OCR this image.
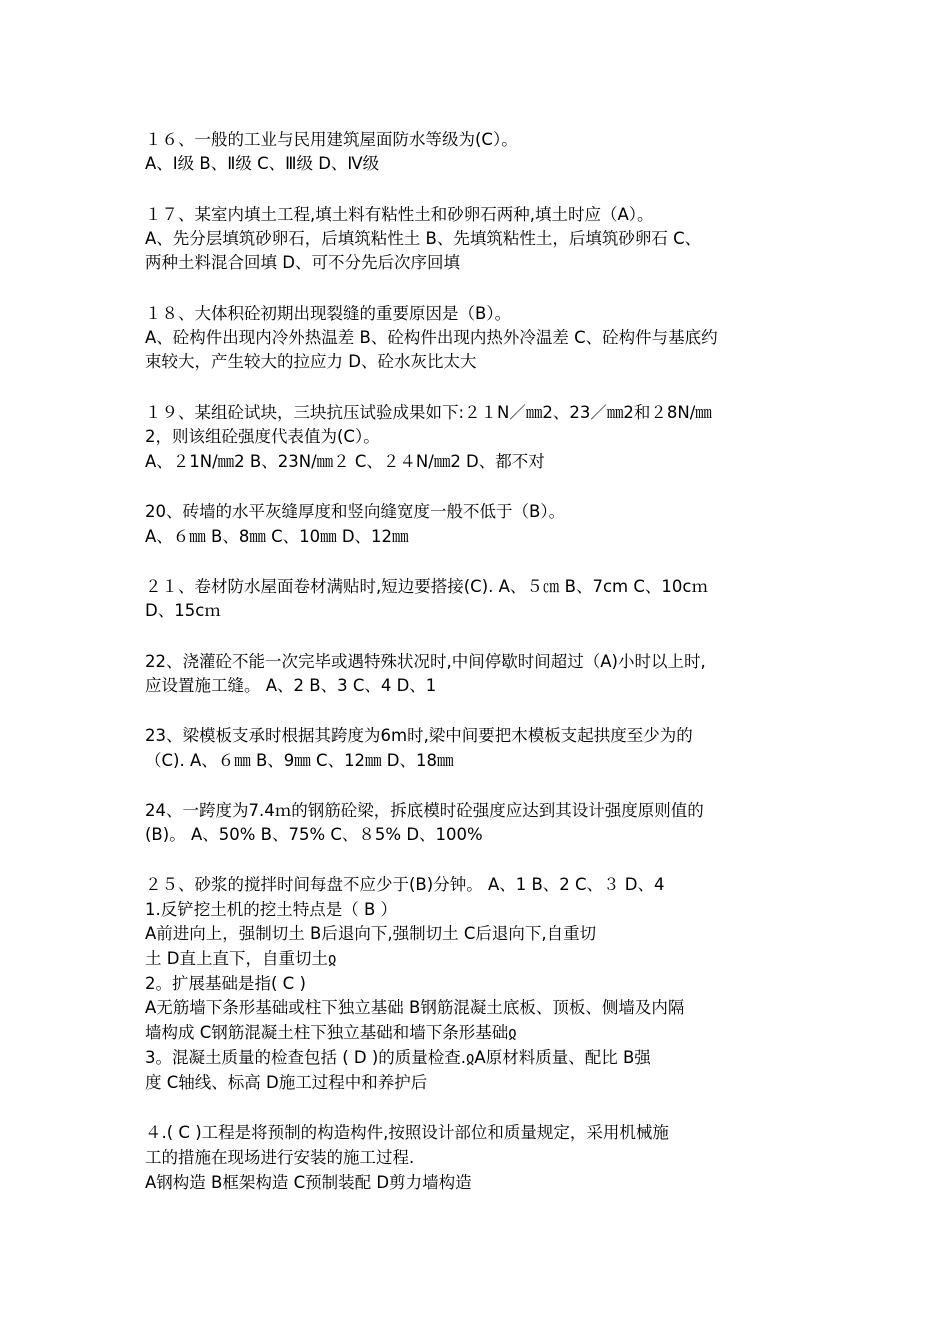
１６、一般的工业与民用建筑屋面防水等级为(C）。
A、Ⅰ级 B、Ⅱ级 C、Ⅲ级 D、Ⅳ级
１７、某室内填土工程,填土料有粘性土和砂卵石两种,填土时应（A）。
A、先分层填筑砂卵石，后填筑粘性土 B、先填筑粘性土，后填筑砂卵石 C、
两种土料混合回填 D、可不分先后次序回填
１８、大体积砼初期出现裂缝的重要原因是（B）。
A、砼构件出现内冷外热温差 B、砼构件出现内热外冷温差 C、砼构件与基底约
束较大，产生较大的拉应力 D、砼水灰比太大
１９、某组砼试块，三块抗压试验成果如下:２１N／㎜2、23／㎜2和２8N/㎜
2，则该组砼强度代表值为(C）。
A、２1N/㎜2 B、23N/㎜２ C、２４N/㎜2 D、都不对
20、砖墙的水平灰缝厚度和竖向缝宽度一般不低于（B）。
A、６㎜ B、8㎜ C、10㎜ D、12㎜
２１、卷材防水屋面卷材满贴时,短边要搭接(C). A、５㎝ B、7cm C、10cｍ
D、15cｍ
22、浇灌砼不能一次完毕或遇特殊状况时,中间停歇时间超过（A)小时以上时,
应设置施工缝。 A、2 B、3 C、4 D、1
23、梁模板支承时根据其跨度为6m时,梁中间要把木模板支起拱度至少为的
（C). A、６㎜ B、9㎜ C、12㎜ D、18㎜
24、一跨度为7.4ｍ的钢筋砼梁，拆底模时砼强度应达到其设计强度原则值的
(B)。 A、50% B、75% C、８5% D、100%
２５、砂浆的搅拌时间每盘不应少于(B)分钟。 A、1 B、2 C、３ D、4
1.反铲挖土机的挖土特点是（ B ）
A前进向上，强制切土 B后退向下,强制切土 C后退向下,自重切
土 D直上直下，自重切土ჲ
2。扩展基础是指( C )
A无筋墙下条形基础或柱下独立基础 B钢筋混凝土底板、顶板、侧墙及内隔
墙构成 C钢筋混凝土柱下独立基础和墙下条形基础ჲ
3。混凝土质量的检查包括 ( D )的质量检查.ჲA原材料质量、配比 B强
度 C轴线、标高 D施工过程中和养护后
４.( C )工程是将预制的构造构件,按照设计部位和质量规定，采用机械施
工的措施在现场进行安装的施工过程.
A钢构造 B框架构造 C预制装配 D剪力墙构造
